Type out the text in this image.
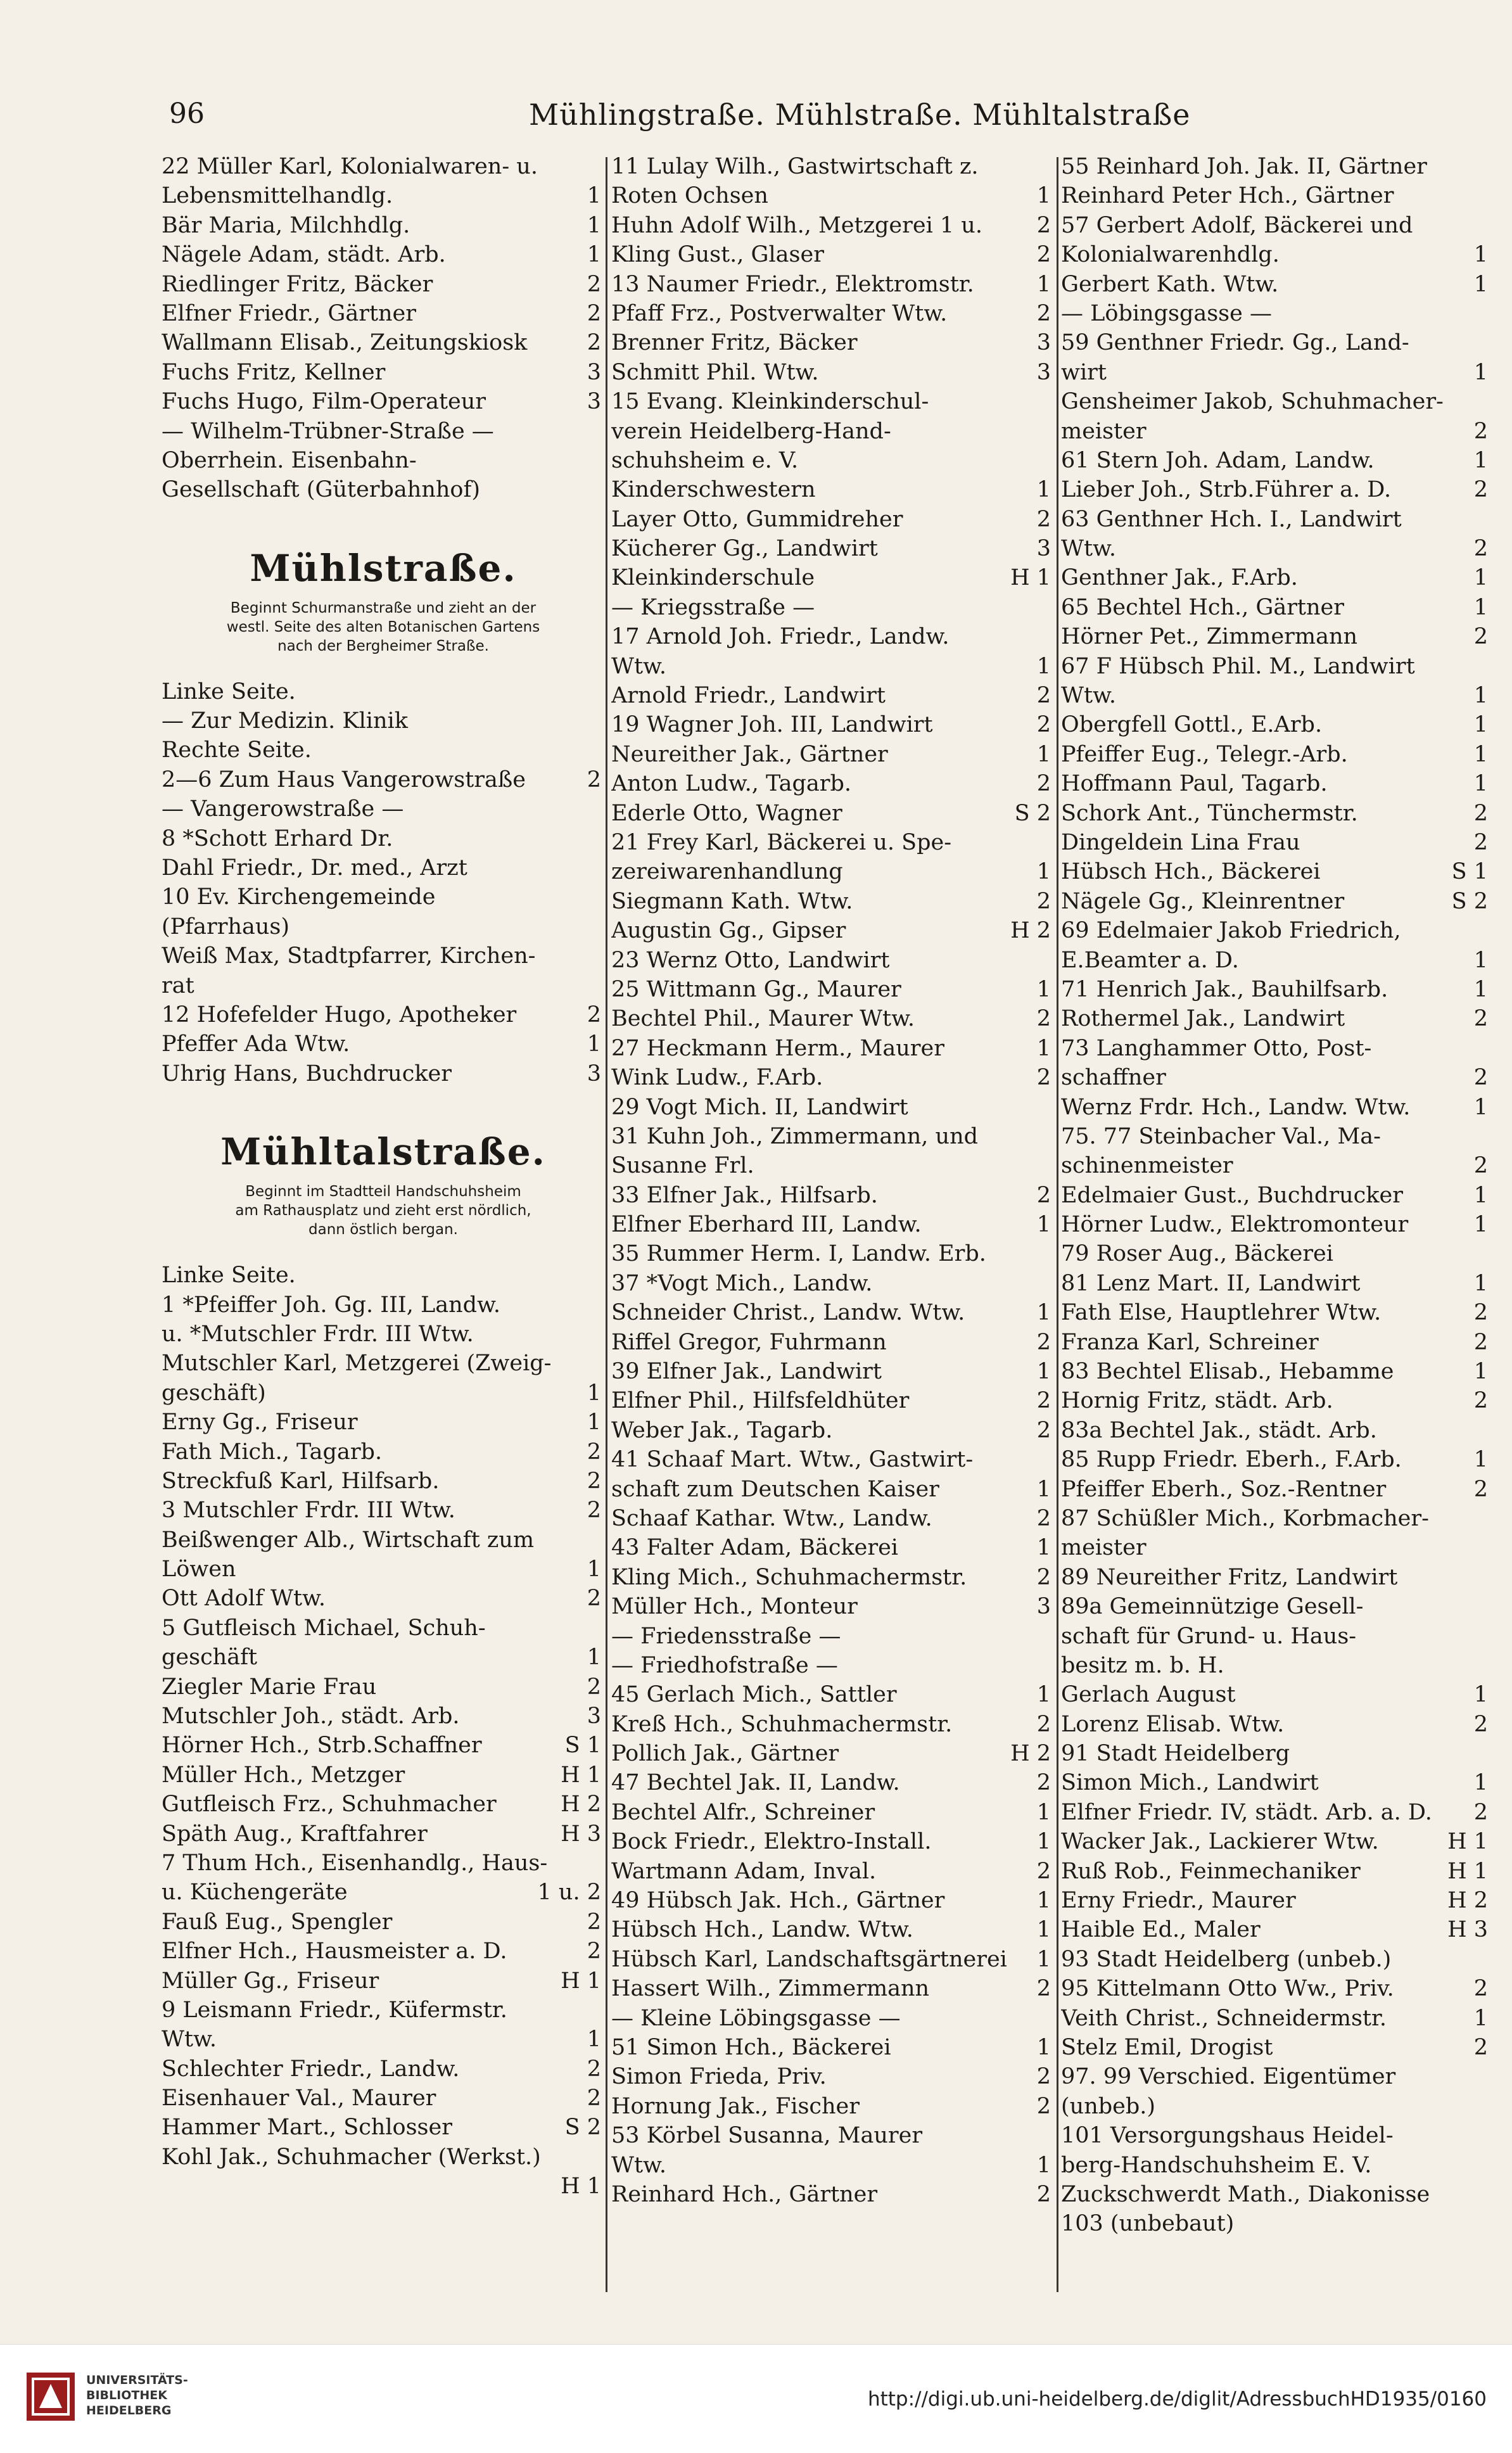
96	Mühlingstraße. Mühlstraße. Mühltalstraße
22 Müller Karl, Kolonialwaren- u.
Lebensmittelhandlg.	1
Bär Maria, Milchhdlg.	1
Nägele Adam, städt. Arb.	1
Riedlinger Fritz, Bäcker	2
Elfner Friedr., Gärtner	2
Wallmann Elisab., Zeitungskiosk	2
Fuchs Fritz, Kellner	3
Fuchs Hugo, Film-Operateur	3
— Wilhelm-Trübner-Straße —
Oberrhein. Eisenbahn-
Gesellschaft (Güterbahnhof)
Mühlstraße.
Beginnt Schurmanstraße und zieht an der
westl. Seite des alten Botanischen Gartens
nach der Bergheimer Straße.
Linke Seite.
— Zur Medizin. Klinik
Rechte Seite.
2—6 Zum Haus Vangerowstraße	2
— Vangerowstraße —
8 *Schott Erhard Dr.
Dahl Friedr., Dr. med., Arzt
10 Ev. Kirchengemeinde
(Pfarrhaus)
Weiß Max, Stadtpfarrer, Kirchen-
rat
12 Hofefelder Hugo, Apotheker	2
Pfeffer Ada Wtw.	1
Uhrig Hans, Buchdrucker	3
Mühltalstraße.
Beginnt im Stadtteil Handschuhsheim
am Rathausplatz und zieht erst nördlich,
dann östlich bergan.
Linke Seite.
1 *Pfeiffer Joh. Gg. III, Landw.
u. *Mutschler Frdr. III Wtw.
Mutschler Karl, Metzgerei (Zweig-
geschäft)	1
Erny Gg., Friseur	1
Fath Mich., Tagarb.	2
Streckfuß Karl, Hilfsarb.	2
3 Mutschler Frdr. III Wtw.	2
Beißwenger Alb., Wirtschaft zum
Löwen	1
Ott Adolf Wtw.	2
5 Gutfleisch Michael, Schuh-
geschäft	1
Ziegler Marie Frau	2
Mutschler Joh., städt. Arb.	3
Hörner Hch., Strb.Schaffner	S 1
Müller Hch., Metzger	H 1
Gutfleisch Frz., Schuhmacher	H 2
Späth Aug., Kraftfahrer	H 3
7 Thum Hch., Eisenhandlg., Haus-
u. Küchengeräte	1 u. 2
Fauß Eug., Spengler	2
Elfner Hch., Hausmeister a. D.	2
Müller Gg., Friseur	H 1
9 Leismann Friedr., Küfermstr.
Wtw.	1
Schlechter Friedr., Landw.	2
Eisenhauer Val., Maurer	2
Hammer Mart., Schlosser	S 2
Kohl Jak., Schuhmacher (Werkst.)
H 1
11 Lulay Wilh., Gastwirtschaft z.
Roten Ochsen	1
Huhn Adolf Wilh., Metzgerei 1 u. 2
Kling Gust., Glaser	2
13 Naumer Friedr., Elektromstr.	1
Pfaff Frz., Postverwalter Wtw.	2
Brenner Fritz, Bäcker	3
Schmitt Phil. Wtw.	3
15 Evang. Kleinkinderschul-
verein Heidelberg-Hand-
schuhsheim e. V.
Kinderschwestern	1
Layer Otto, Gummidreher	2
Kücherer Gg., Landwirt	3
Kleinkinderschule	H 1
— Kriegsstraße —
17 Arnold Joh. Friedr., Landw.
Wtw.	1
Arnold Friedr., Landwirt	2
19 Wagner Joh. III, Landwirt	2
Neureither Jak., Gärtner	1
Anton Ludw., Tagarb.	2
Ederle Otto, Wagner	S 2
21 Frey Karl, Bäckerei u. Spe-
zereiwarenhandlung	1
Siegmann Kath. Wtw.	2
Augustin Gg., Gipser	H 2
23 Wernz Otto, Landwirt
25 Wittmann Gg., Maurer	1
Bechtel Phil., Maurer Wtw.	2
27 Heckmann Herm., Maurer	1
Wink Ludw., F.Arb.	2
29 Vogt Mich. II, Landwirt
31 Kuhn Joh., Zimmermann, und
Susanne Frl.
33 Elfner Jak., Hilfsarb.	2
Elfner Eberhard III, Landw.	1
35 Rummer Herm. I, Landw. Erb.
37 *Vogt Mich., Landw.
Schneider Christ., Landw. Wtw.	1
Riffel Gregor, Fuhrmann	2
39 Elfner Jak., Landwirt	1
Elfner Phil., Hilfsfeldhüter	2
Weber Jak., Tagarb.	2
41 Schaaf Mart. Wtw., Gastwirt-
schaft zum Deutschen Kaiser	1
Schaaf Kathar. Wtw., Landw.	2
43 Falter Adam, Bäckerei	1
Kling Mich., Schuhmachermstr.	2
Müller Hch., Monteur	3
— Friedensstraße —
— Friedhofstraße —
45 Gerlach Mich., Sattler	1
Kreß Hch., Schuhmachermstr.	2
Pollich Jak., Gärtner	H 2
47 Bechtel Jak. II, Landw.	2
Bechtel Alfr., Schreiner	1
Bock Friedr., Elektro-Install.	1
Wartmann Adam, Inval.	2
49 Hübsch Jak. Hch., Gärtner	1
Hübsch Hch., Landw. Wtw.	1
Hübsch Karl, Landschaftsgärtnerei 1
Hassert Wilh., Zimmermann	2
— Kleine Löbingsgasse —
51 Simon Hch., Bäckerei	1
Simon Frieda, Priv.	2
Hornung Jak., Fischer	2
53 Körbel Susanna, Maurer
Wtw.	1
Reinhard Hch., Gärtner	2
55 Reinhard Joh. Jak. II, Gärtner
Reinhard Peter Hch., Gärtner
57 Gerbert Adolf, Bäckerei und
Kolonialwarenhdlg.	1
Gerbert Kath. Wtw.	1
— Löbingsgasse —
59 Genthner Friedr. Gg., Land-
wirt	1
Gensheimer Jakob, Schuhmacher-
meister	2
61 Stern Joh. Adam, Landw.	1
Lieber Joh., Strb.Führer a. D.	2
63 Genthner Hch. I., Landwirt
Wtw.	2
Genthner Jak., F.Arb.	1
65 Bechtel Hch., Gärtner	1
Hörner Pet., Zimmermann	2
67 F Hübsch Phil. M., Landwirt
Wtw.	1
Obergfell Gottl., E.Arb.	1
Pfeiffer Eug., Telegr.-Arb.	1
Hoffmann Paul, Tagarb.	1
Schork Ant., Tünchermstr.	2
Dingeldein Lina Frau	2
Hübsch Hch., Bäckerei	S 1
Nägele Gg., Kleinrentner	S 2
69 Edelmaier Jakob Friedrich,
E.Beamter a. D.	1
71 Henrich Jak., Bauhilfsarb.	1
Rothermel Jak., Landwirt	2
73 Langhammer Otto, Post-
schaffner	2
Wernz Frdr. Hch., Landw. Wtw.	1
75. 77 Steinbacher Val., Ma-
schinenmeister	2
Edelmaier Gust., Buchdrucker	1
Hörner Ludw., Elektromonteur	1
79 Roser Aug., Bäckerei
81 Lenz Mart. II, Landwirt	1
Fath Else, Hauptlehrer Wtw.	2
Franza Karl, Schreiner	2
83 Bechtel Elisab., Hebamme	1
Hornig Fritz, städt. Arb.	2
83a Bechtel Jak., städt. Arb.
85 Rupp Friedr. Eberh., F.Arb.	1
Pfeiffer Eberh., Soz.-Rentner	2
87 Schüßler Mich., Korbmacher-
meister
89 Neureither Fritz, Landwirt
89a Gemeinnützige Gesell-
schaft für Grund- u. Haus-
besitz m. b. H.
Gerlach August	1
Lorenz Elisab. Wtw.	2
91 Stadt Heidelberg
Simon Mich., Landwirt	1
Elfner Friedr. IV, städt. Arb. a. D. 2
Wacker Jak., Lackierer Wtw.	H 1
Ruß Rob., Feinmechaniker	H 1
Erny Friedr., Maurer	H 2
Haible Ed., Maler	H 3
93 Stadt Heidelberg (unbeb.)
95 Kittelmann Otto Ww., Priv.	2
Veith Christ., Schneidermstr.	1
Stelz Emil, Drogist	2
97. 99 Verschied. Eigentümer
(unbeb.)
101 Versorgungshaus Heidel-
berg-Handschuhsheim E. V.
Zuckschwerdt Math., Diakonisse
103 (unbebaut)
UNIVERSITÄTS-
BIBLIOTHEK
HEIDELBERG	http://digi.ub.uni-heidelberg.de/diglit/AdressbuchHD1935/0160
